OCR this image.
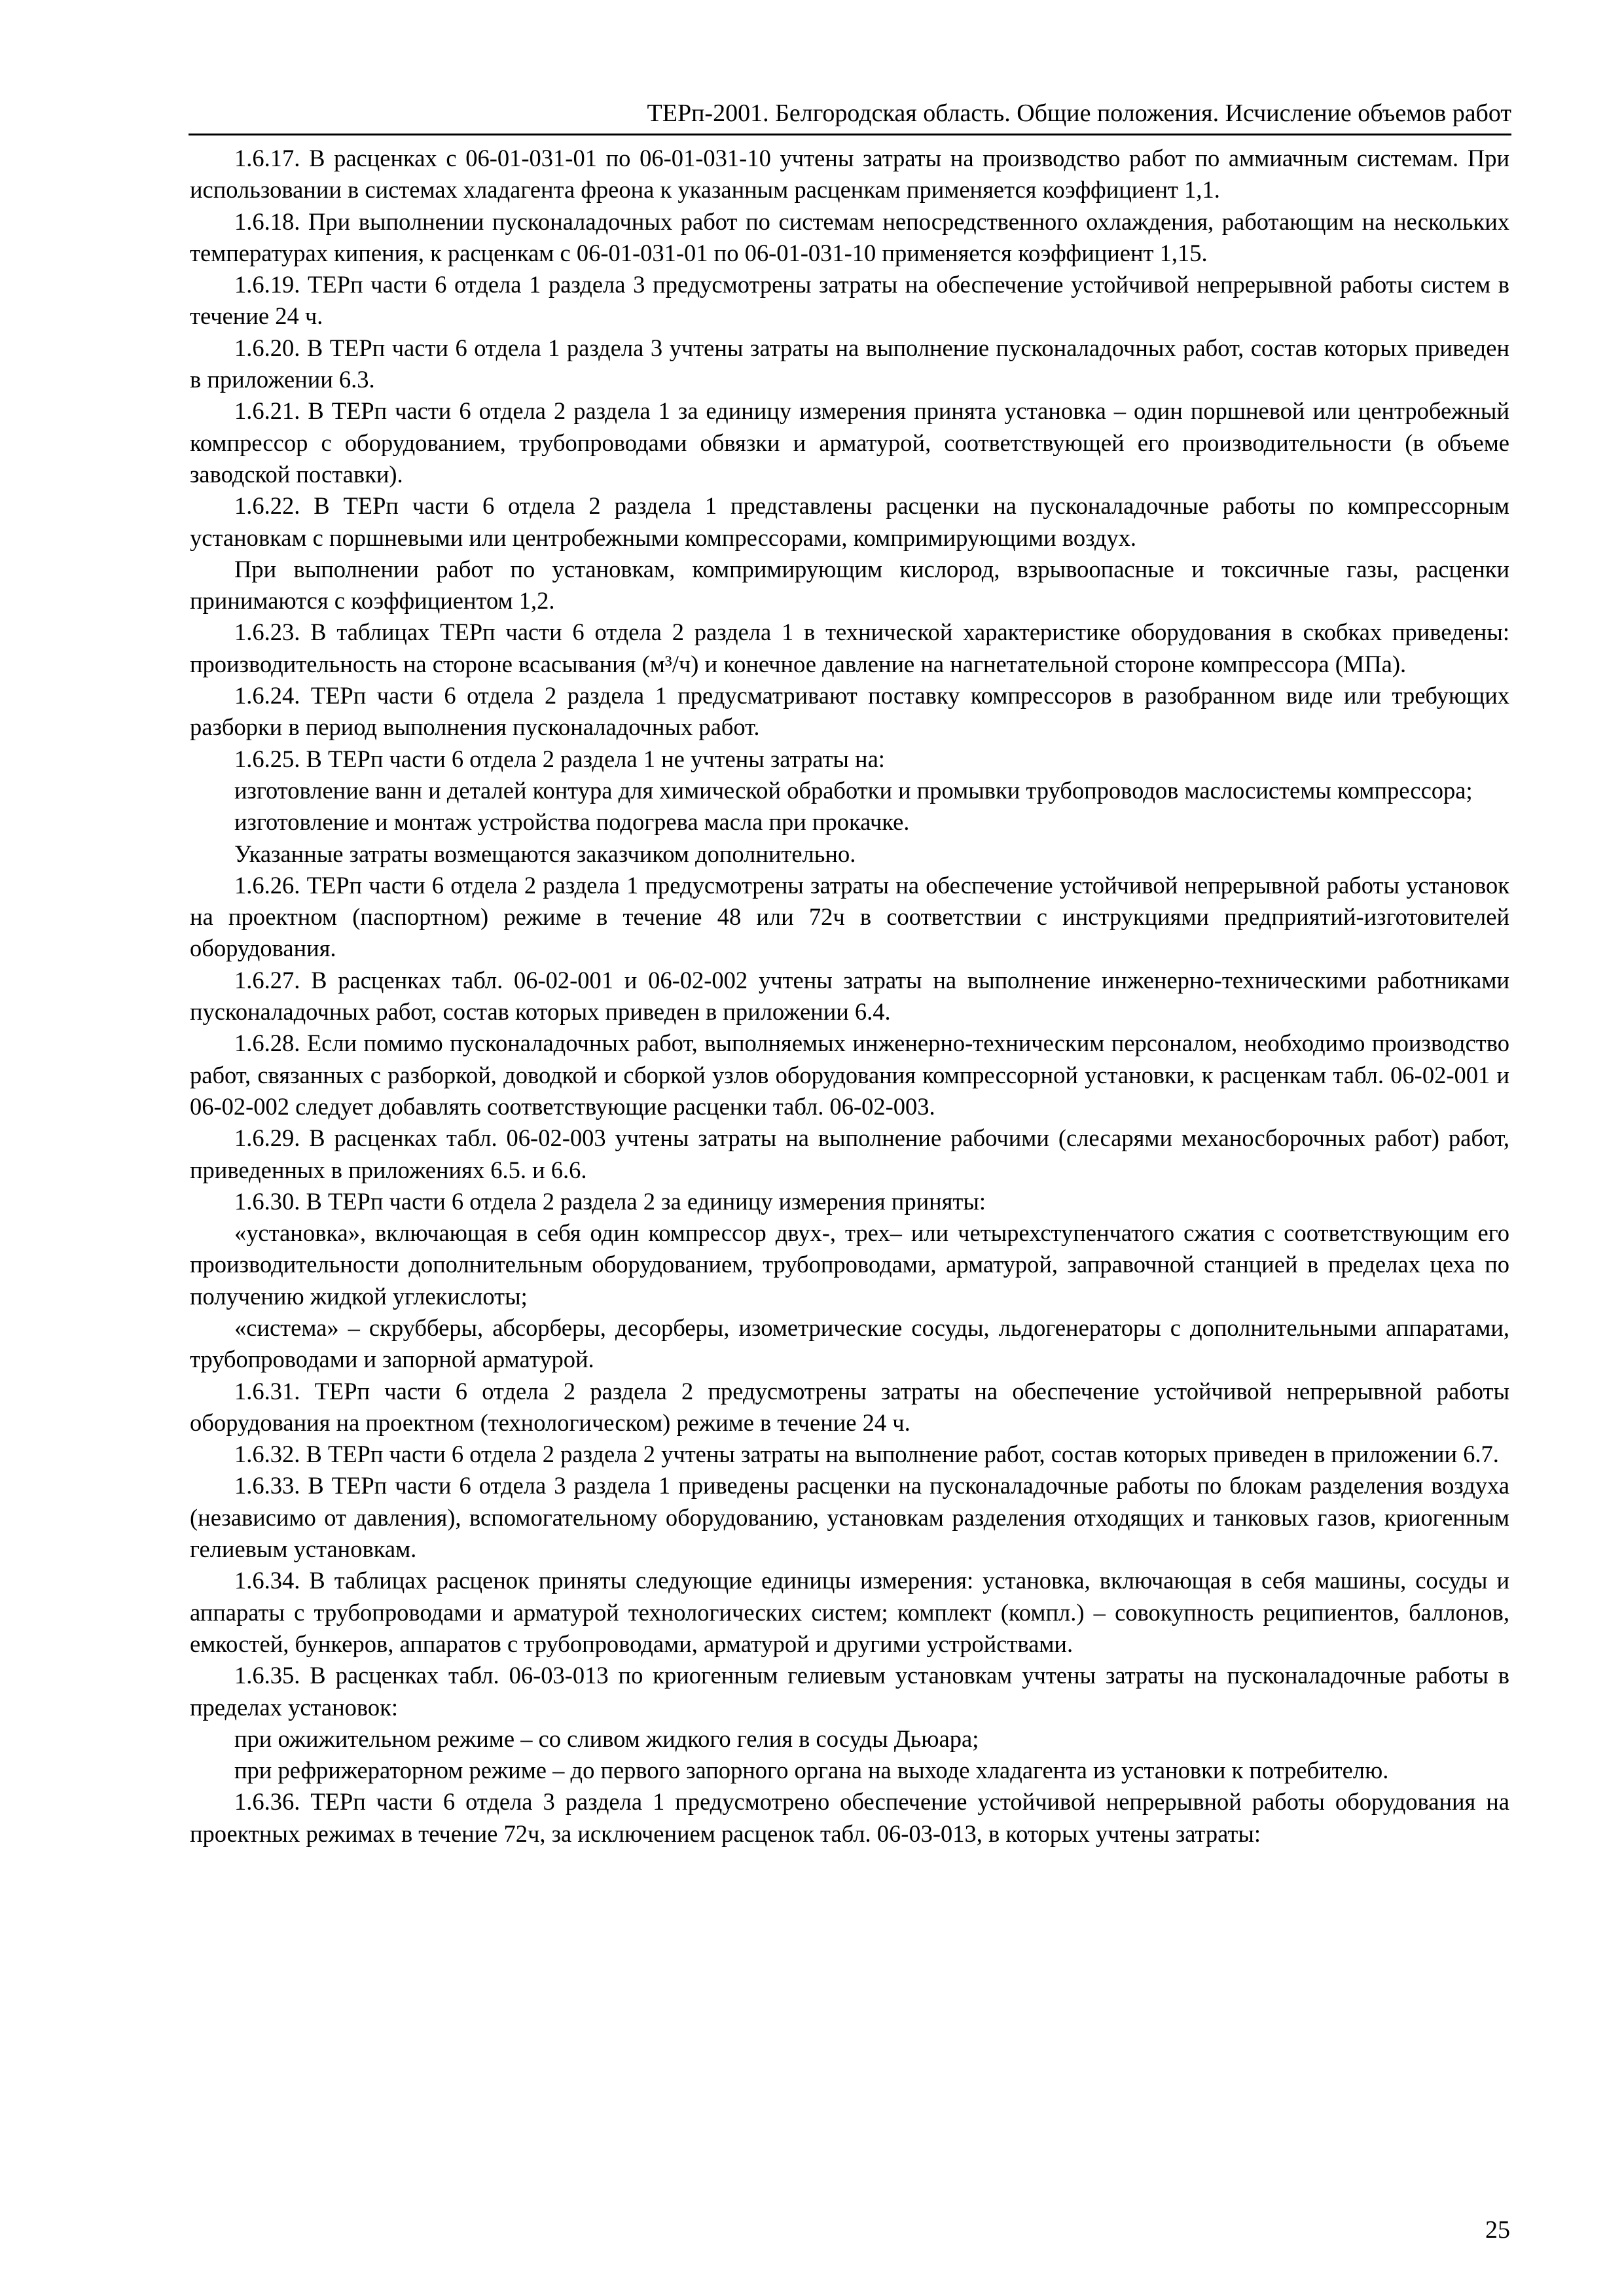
ТЕРп-2001. Белгородская область. Общие положения. Исчисление объемов работ

1.6.17. В расценках с 06-01-031-01 по 06-01-031-10 учтены затраты на производство работ по аммиачным системам. При использовании в системах хладагента фреона к указанным расценкам применяется коэффициент 1,1.

1.6.18. При выполнении пусконаладочных работ по системам непосредственного охлаждения, работающим на нескольких температурах кипения, к расценкам с 06-01-031-01 по 06-01-031-10 применяется коэффициент 1,15.

1.6.19. ТЕРп части 6 отдела 1 раздела 3 предусмотрены затраты на обеспечение устойчивой непрерывной работы систем в течение 24 ч.

1.6.20. В ТЕРп части 6 отдела 1 раздела 3 учтены затраты на выполнение пусконаладочных работ, состав которых приведен в приложении 6.3.

1.6.21. В ТЕРп части 6 отдела 2 раздела 1 за единицу измерения принята установка – один поршневой или центробежный компрессор с оборудованием, трубопроводами обвязки и арматурой, соответствующей его производительности (в объеме заводской поставки).

1.6.22. В ТЕРп части 6 отдела 2 раздела 1 представлены расценки на пусконаладочные работы по компрессорным установкам с поршневыми или центробежными компрессорами, компримирующими воздух.

При выполнении работ по установкам, компримирующим кислород, взрывоопасные и токсичные газы, расценки принимаются с коэффициентом 1,2.

1.6.23. В таблицах ТЕРп части 6 отдела 2 раздела 1 в технической характеристике оборудования в скобках приведены: производительность на стороне всасывания (м³/ч) и конечное давление на нагнетательной стороне компрессора (МПа).

1.6.24. ТЕРп части 6 отдела 2 раздела 1 предусматривают поставку компрессоров в разобранном виде или требующих разборки в период выполнения пусконаладочных работ.

1.6.25. В ТЕРп части 6 отдела 2 раздела 1 не учтены затраты на:

изготовление ванн и деталей контура для химической обработки и промывки трубопроводов маслосистемы компрессора;

изготовление и монтаж устройства подогрева масла при прокачке.

Указанные затраты возмещаются заказчиком дополнительно.

1.6.26. ТЕРп части 6 отдела 2 раздела 1 предусмотрены затраты на обеспечение устойчивой непрерывной работы установок на проектном (паспортном) режиме в течение 48 или 72ч в соответствии с инструкциями предприятий-изготовителей оборудования.

1.6.27. В расценках табл. 06-02-001 и 06-02-002 учтены затраты на выполнение инженерно-техническими работниками пусконаладочных работ, состав которых приведен в приложении 6.4.

1.6.28. Если помимо пусконаладочных работ, выполняемых инженерно-техническим персоналом, необходимо производство работ, связанных с разборкой, доводкой и сборкой узлов оборудования компрессорной установки, к расценкам табл. 06-02-001 и 06-02-002 следует добавлять соответствующие расценки табл. 06-02-003.

1.6.29. В расценках табл. 06-02-003 учтены затраты на выполнение рабочими (слесарями механосборочных работ) работ, приведенных в приложениях 6.5. и 6.6.

1.6.30. В ТЕРп части 6 отдела 2 раздела 2 за единицу измерения приняты:

«установка», включающая в себя один компрессор двух-, трех– или четырехступенчатого сжатия с соответствующим его производительности дополнительным оборудованием, трубопроводами, арматурой, заправочной станцией в пределах цеха по получению жидкой углекислоты;

«система» – скрубберы, абсорберы, десорберы, изометрические сосуды, льдогенераторы с дополнительными аппаратами, трубопроводами и запорной арматурой.

1.6.31. ТЕРп части 6 отдела 2 раздела 2 предусмотрены затраты на обеспечение устойчивой непрерывной работы оборудования на проектном (технологическом) режиме в течение 24 ч.

1.6.32. В ТЕРп части 6 отдела 2 раздела 2 учтены затраты на выполнение работ, состав которых приведен в приложении 6.7.

1.6.33. В ТЕРп части 6 отдела 3 раздела 1 приведены расценки на пусконаладочные работы по блокам разделения воздуха (независимо от давления), вспомогательному оборудованию, установкам разделения отходящих и танковых газов, криогенным гелиевым установкам.

1.6.34. В таблицах расценок приняты следующие единицы измерения: установка, включающая в себя машины, сосуды и аппараты с трубопроводами и арматурой технологических систем; комплект (компл.) – совокупность реципиентов, баллонов, емкостей, бункеров, аппаратов с трубопроводами, арматурой и другими устройствами.

1.6.35. В расценках табл. 06-03-013 по криогенным гелиевым установкам учтены затраты на пусконаладочные работы в пределах установок:

при ожижительном режиме – со сливом жидкого гелия в сосуды Дьюара;

при рефрижераторном режиме – до первого запорного органа на выходе хладагента из установки к потребителю.

1.6.36. ТЕРп части 6 отдела 3 раздела 1 предусмотрено обеспечение устойчивой непрерывной работы оборудования на проектных режимах в течение 72ч, за исключением расценок табл. 06-03-013, в которых учтены затраты:

25
